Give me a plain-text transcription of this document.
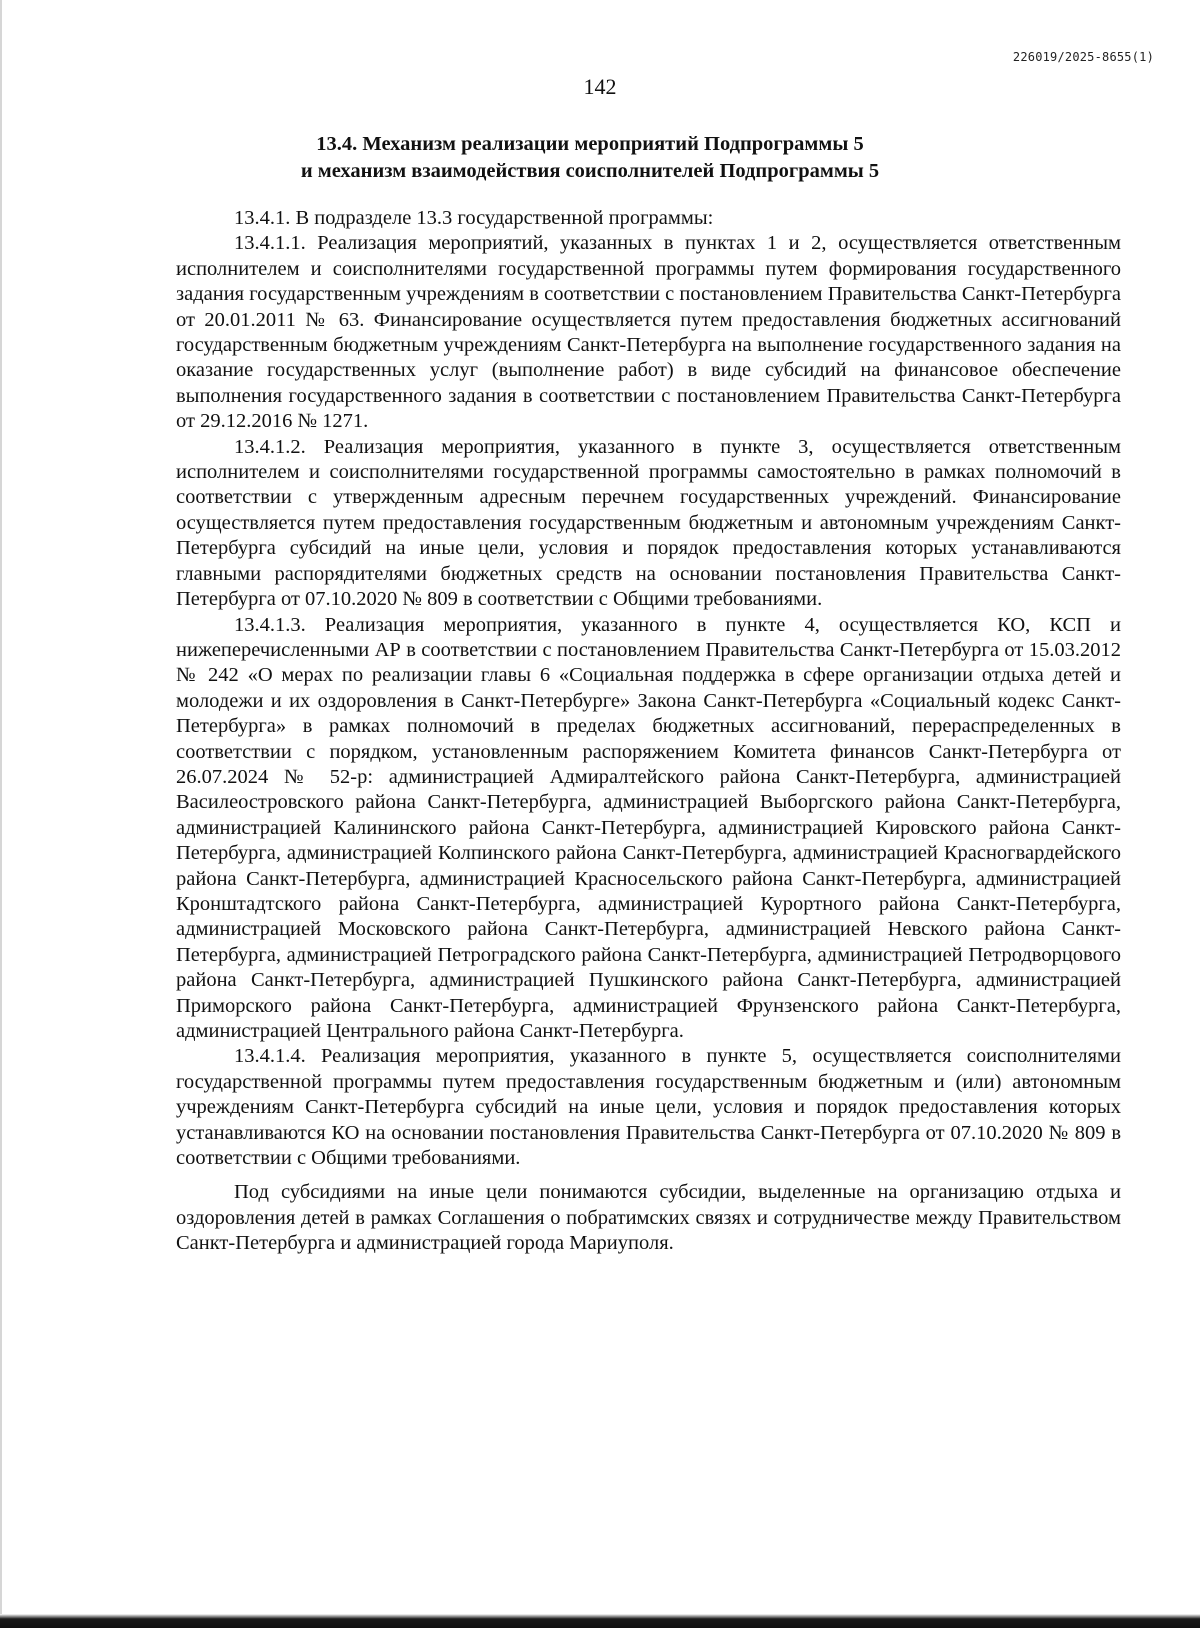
226019/2025-8655(1)
142
13.4. Механизм реализации мероприятий Подпрограммы 5
и механизм взаимодействия соисполнителей Подпрограммы 5

13.4.1. В подразделе 13.3 государственной программы:

13.4.1.1. Реализация мероприятий, указанных в пунктах 1 и 2, осуществляется ответственным исполнителем и соисполнителями государственной программы путем формирования государственного задания государственным учреждениям в соответствии с постановлением Правительства Санкт-Петербурга от 20.01.2011 № 63. Финансирование осуществляется путем предоставления бюджетных ассигнований государственным бюджетным учреждениям Санкт-Петербурга на выполнение государственного задания на оказание государственных услуг (выполнение работ) в виде субсидий на финансовое обеспечение выполнения государственного задания в соответствии с постановлением Правительства Санкт-Петербурга от 29.12.2016 № 1271.

13.4.1.2. Реализация мероприятия, указанного в пункте 3, осуществляется ответственным исполнителем и соисполнителями государственной программы самостоятельно в рамках полномочий в соответствии с утвержденным адресным перечнем государственных учреждений. Финансирование осуществляется путем предоставления государственным бюджетным и автономным учреждениям Санкт-Петербурга субсидий на иные цели, условия и порядок предоставления которых устанавливаются главными распорядителями бюджетных средств на основании постановления Правительства Санкт-Петербурга от 07.10.2020 № 809 в соответствии с Общими требованиями.

13.4.1.3. Реализация мероприятия, указанного в пункте 4, осуществляется КО, КСП и нижеперечисленными АР в соответствии с постановлением Правительства Санкт-Петербурга от 15.03.2012 № 242 «О мерах по реализации главы 6 «Социальная поддержка в сфере организации отдыха детей и молодежи и их оздоровления в Санкт-Петербурге» Закона Санкт-Петербурга «Социальный кодекс Санкт-Петербурга» в рамках полномочий в пределах бюджетных ассигнований, перераспределенных в соответствии с порядком, установленным распоряжением Комитета финансов Санкт-Петербурга от 26.07.2024 № 52-р: администрацией Адмиралтейского района Санкт-Петербурга, администрацией Василеостровского района Санкт-Петербурга, администрацией Выборгского района Санкт-Петербурга, администрацией Калининского района Санкт-Петербурга, администрацией Кировского района Санкт-Петербурга, администрацией Колпинского района Санкт-Петербурга, администрацией Красногвардейского района Санкт-Петербурга, администрацией Красносельского района Санкт-Петербурга, администрацией Кронштадтского района Санкт-Петербурга, администрацией Курортного района Санкт-Петербурга, администрацией Московского района Санкт-Петербурга, администрацией Невского района Санкт-Петербурга, администрацией Петроградского района Санкт-Петербурга, администрацией Петродворцового района Санкт-Петербурга, администрацией Пушкинского района Санкт-Петербурга, администрацией Приморского района Санкт-Петербурга, администрацией Фрунзенского района Санкт-Петербурга, администрацией Центрального района Санкт-Петербурга.

13.4.1.4. Реализация мероприятия, указанного в пункте 5, осуществляется соисполнителями государственной программы путем предоставления государственным бюджетным и (или) автономным учреждениям Санкт-Петербурга субсидий на иные цели, условия и порядок предоставления которых устанавливаются КО на основании постановления Правительства Санкт-Петербурга от 07.10.2020 № 809 в соответствии с Общими требованиями.

Под субсидиями на иные цели понимаются субсидии, выделенные на организацию отдыха и оздоровления детей в рамках Соглашения о побратимских связях и сотрудничестве между Правительством Санкт-Петербурга и администрацией города Мариуполя.
